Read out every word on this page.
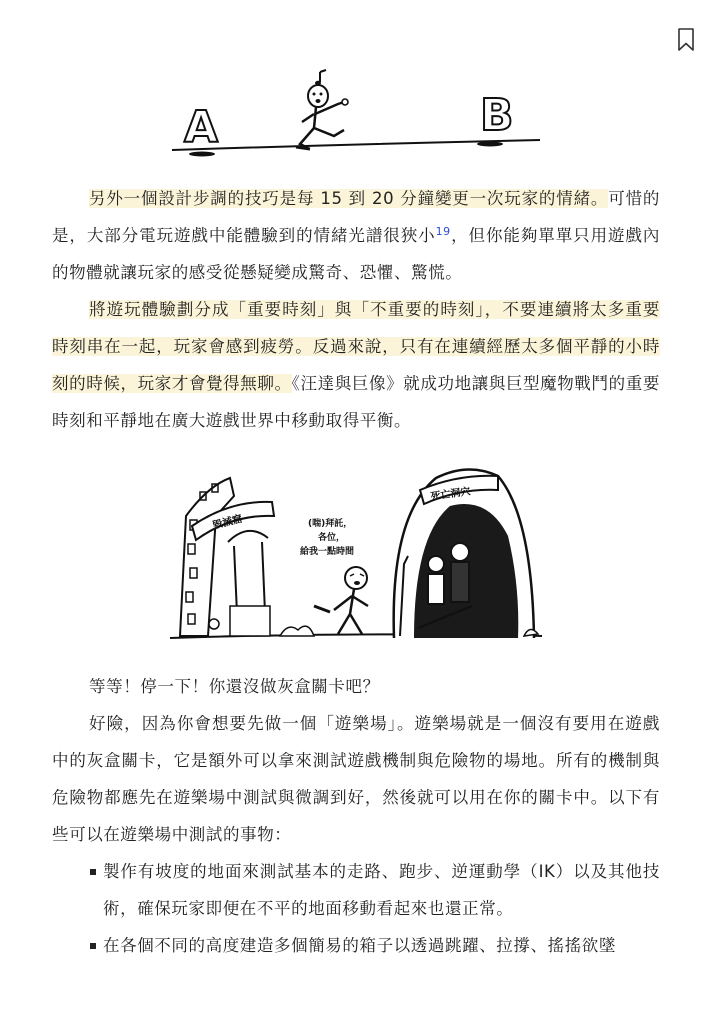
A	B

另外一個設計步調的技巧是每 15 到 20 分鐘變更一次玩家的情緒。可惜的是，大部分電玩遊戲中能體驗到的情緒光譜很狹小$^{19}$，但你能夠單單只用遊戲內的物體就讓玩家的感受從懸疑變成驚奇、恐懼、驚慌。

將遊玩體驗劃分成「重要時刻」與「不重要的時刻」，不要連續將太多重要時刻串在一起，玩家會感到疲勞。反過來說，只有在連續經歷太多個平靜的小時刻的時候，玩家才會覺得無聊。《汪達與巨像》就成功地讓與巨型魔物戰鬥的重要時刻和平靜地在廣大遊戲世界中移動取得平衡。

毀滅窟	(喘)拜託，
各位，
給我一點時間
死亡洞穴

等等！停一下！你還沒做灰盒關卡吧？

好險，因為你會想要先做一個「遊樂場」。遊樂場就是一個沒有要用在遊戲中的灰盒關卡，它是額外可以拿來測試遊戲機制與危險物的場地。所有的機制與危險物都應先在遊樂場中測試與微調到好，然後就可以用在你的關卡中。以下有些可以在遊樂場中測試的事物：

製作有坡度的地面來測試基本的走路、跑步、逆運動學（IK）以及其他技術，確保玩家即便在不平的地面移動看起來也還正常。
在各個不同的高度建造多個簡易的箱子以透過跳躍、拉撐、搖搖欲墜
